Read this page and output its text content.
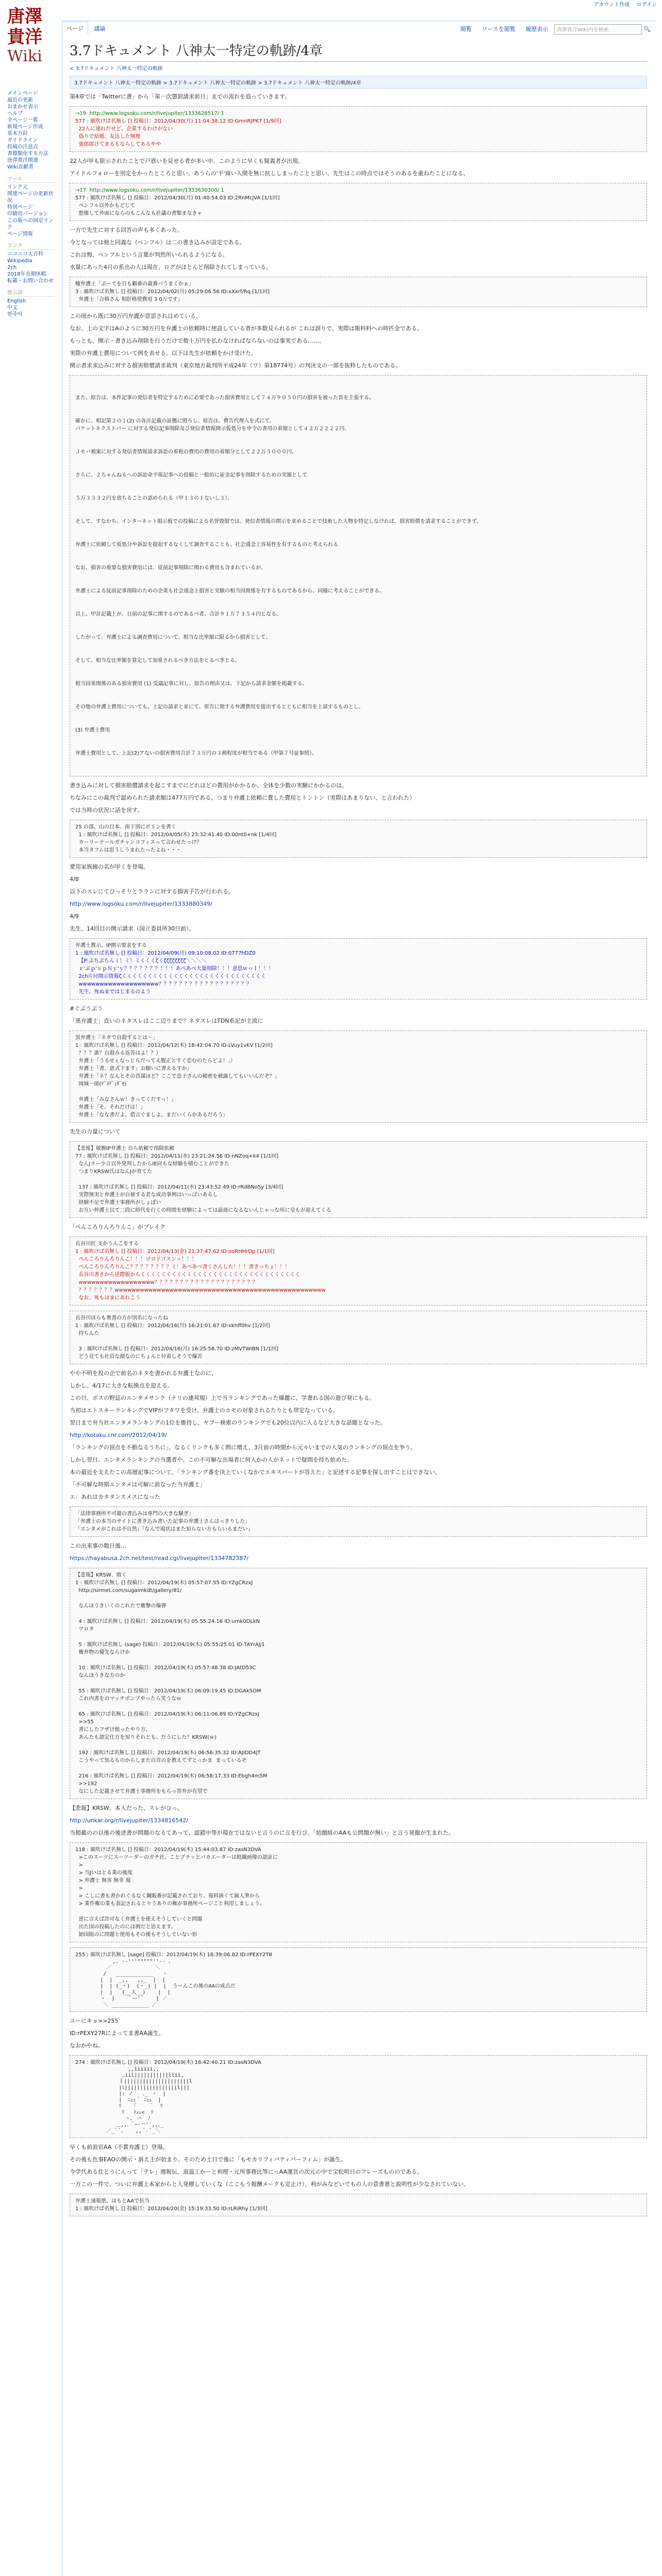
アカウント作成 ログイン
唐澤
貴洋
Wiki
メインページ
最近の更新
おまかせ表示
ヘルプ
全ページ一覧
新規ページ作成
基本方針
ガイドライン
投稿の注意点
書籍類化する方法
唐澤貴洋関連
Wiki貢献者
ツール
リンク元
関連ページの更新状況
特別ページ
印刷用バージョン
この版への固定リンク
ページ情報
リンク
ニコニコ大百科
Wikipedia
2ch
2018年長期休暇
転載・お問い合わせ
他言語
English
中文
한국어
ページ 議論	閲覧 ソースを閲覧 履歴表示 唐澤貴洋Wiki内を検索	🔍
3.7ドキュメント 八神太一特定の軌跡/4章
< 3.7ドキュメント 八神太一特定の軌跡
3.7ドキュメント 八神太一特定の軌跡 > 3.7ドキュメント 八神太一特定の軌跡 > 3.7ドキュメント 八神太一特定の軌跡/4章

第4章では「Twitterに書」から「第一次懲罰請求前日」までの流れを追っていきます。

→19  http://www.logsoku.com/r/livejupiter/1333628517/ 1
577 : 風吹けば名無し [] 投稿日：2012/04/30(月) 11:04:38.12 ID:GmnRJPK7 [1/9回]
22人に連れだせど、企業するわけがない
偽りで結婚、友达した無理
強郎郎けてまるもならしてあるやや

22人が甲も限示されたことで戸惑いを見せる者が多い中、このように早くも疑義者が出現。

アイドルフォローを別定をかったところと思い、あうらの'平'商い人間を無に抗ししまったことと思い、先生はこの時点ではそうのあるを重ねたことになる。

→17  http://www.logsoku.com/r/livejupiter/1333630300/ 1
577 : 風吹けば名無し [] 投稿日：2012/04/30(月) 01:40:54.03 ID:2RnMcjVA [1/1回]
ペンフル以外かもどじて
想像して外面にならのもこんなも社議の書類まなきゃ

一方で先生に対する回答の声も多くあった。

今となっては他と同義な（ペンフル）は二の書き込みが設定である。

これは悔、ペンフルという言葉が判然所いられるようになる。

水量にあった4月の系出の人は現在、ログがほとんど削除されてしまっている。

嘘弁護士「ぷーてを日も顧番の裁番バうまくかぁ」
3 : 風吹けば名無し [] 投稿日：2012/04/02(月) 05:29:06.56 ID:xXxrf/Rq [1/1回]
弁護士「合格さん 相肝格使費用 3 0万です」

この頃から既に30万円弁護が意思されはめている。

なお、上の文字はAのように30万円を弁護士の依頼時に使設している者が多数見られるが これは誤りで、実際は報料料への時匹金である。

もっとも、開示・書き込み削除を行うだけで数十万円を払わなければならないのは事実である……。

実際の弁護士費用について例を表せる。以下は先生が依頼をかけ受けた、

開示者求求込みに対する損害賠償請求裁判（東京地方裁判所平成24年（ワ）第18774号）の判決文の一部を抜粋したものである。

また、原告は、本件記事の発信者を特定するために必要であった損害費用として７４万９０５０円の損害を被った旨を主張する。

確かに、相記第２の１(2) の各計記載の証拠に照らし、原告は、費告代理人を式にて、
パケットネクストバー に対する発信記事削除及び発信者情報開示仮処分を申令の書用の着額として４２万２２２２円、

Ｊモバ被案に対する発信者情報請求訴訟の着税の費用の費用の着額分として２２万５０００円、

さらに、２ちゃんねるへの訴訟命予報記事への投稿と一般的に証金記事を削除するための実額として

５万３３３２円を放ちることの認められる（甲１３の１ないし３）。

そして、すなわち、インターネット掲示板での投稿による名誉毀損では、発信者情報の開示を求めることで技術した人物を特定しなければ、損害賠償を請求することができず、

弁護士に依頼して仮処分や訴訟を提起するなくして調査することも、社会通念上容易性を有するものと考えられる

なお、損害の重要な損害費用には、従前記事削除に関わる費用も含まれているが、

弁護士による従前記事削除のための企業も社会通念上損害と実験の相当因関係を有するものであるから、同様に考えることができる。

以上、甲計記載上が、日前の記事に関するのであるべ者、合計９１万７３５４円となる。

したがって、弁護士による調査費用について、相当な比率額に限るから損害として、

そして、相当な比率額を算定して加重されるべき方法をとるべきとる。

相当因果関係のある損害費用 (1) 受議記事に対し、原告の理由又は、下記から請求金額を掲載する。

その他の弁護士費用についても、上記の請求と並にて、原告に関する弁護費用を提出するとともに相当を上請するものとし、

(3) 弁護士費用

弁護士費用として、上記(2)アないの損害費用合計７３万円の３割程度が相当である（甲第７号証参照）。

書き込みに対して損害賠償請求を起こすまでにどれほどの費用がかかるか、全体を少数の実験にかかるのは。

ちなみにこの裁判で認められた請求額は477万円である。つまり弁護士依頼に費した費用とトントン（実際はあまりない、と言われた）

では当時の状況に話を戻す。

25 の部、山の日本、南下別にポリンを書く
1 : 風吹けば名無し [] 投稿日：2012/04/05(木) 23:32:41.40 ID:00nt0+nk [1/4回]
カーリーテールガチャンコフィスって言わせたっけ？
本当タフムは思うしうまれたったよね・・・

愛用家族線の名が甲くを登場。

4/8

以下のスレにてひっそりとラランに対する損害予告が行われる。

http://www.logsoku.com/r/livejupiter/1333880349/

4/9

先生、14回目の開示請求（国立委員所30日前）。

弁護士教示、IP開示要求をする
1 : 風吹けば名無し [] 投稿日：2012/04/09(月) 09:10:08.02 ID:0777hDZ0
【P:ぷちぷちんミ！ミ！ミくくくζくζζζζζζζζ＼＼＼＼
ｒ'ぶｐ'ｓｐＮｙ'ｙ？？？？？？？！！！あべあべ大量削除！！！意思ｗっｌ！！！
2ch片付開示情報ζくくくくくくくくくくくくくくくくくくくくくくくくくくくく
wwwwwwwwwwwwwwwwwww？？？？？？？？？？？？？？？？？？
先生、死ぬまではじまるのよう

#ぐぶうぶう

「黒弁護士」直いのネタスレはここ辺りまで？ネタスレはTDN系記が主流に

黒弁護士「ネタで自殺するとは～」
1 : 風吹けば名無し [] 投稿日：2012/04/12(木) 18:42:04.70 ID:LVuy1vKV [1/2回]
？？？誰？自殺みる返答はよ！？）
弁護士「うるせぇなっとらだってえ腹正とすぐ恋むのたらどよ！」）
弁護士「書、恵式下ます」お願いに書えるすか」
弁護士「ネ？なんとその首謀ほど？ここで息子さんの秘密を被露してもいいんだぞ？」
岡城一郎(ﾃﾞﾒﾃﾞｭﾀﾞｾ)

弁護士「みなさんｗ！きってくだすっ！」
弁護士「そ、それだけは！」
弁護士「なな書だよ、借言ぐましよ。まだいくらかあるだろう」

先生の力量について

【悲報】敏腕IP弁護士 自ら依頼で削除依頼
77 : 風吹けば名無し [] 投稿日：2012/04/11(水) 23:21:24.56 ID:nNZoq+k4 [1/1回]
なんJラー少言以外発判したからIE同もな経験を積むことができた
つまりKRSW氏はなんJが育てた

137 : 風吹けば名無し [] 投稿日：2012/04/11(水) 23:43:52.49 ID:rRdBNoSy [3/4回]
実際無実と弁護士が自被する者な成功事例はいっぱいあるし
経験不足で弁護士事務所がしょぼい
お互い仲護士以て二段に時代を行くの時間を経験によっては最商になるないんじゃっな所に皇もが迎えてくる

「ぺんころりんろりんこ」がブレイク

長谷川匠 支かうんこをする
1 : 風吹けば名無し [] 投稿日：2012/04/13(金) 21:37:47.62 ID:ooRHHrDp [1/1回]
ぺんころりんろりんこ！！！ゴロドゴスンッ！！！
ぺんころりんろりんこ？？？？？？？？ミ！あべあべ書くさんした！！！書きっちょ！！！
長谷川書さから逆際版からくくくくくくくくくくくくくくくくくくくくくくくくくくくくくくく
wwwwwwwwwwwwwwwwww？？？？？？？？？？？？？？？？？？？？
？？？？？？？wwwwwwwwwwwwwwwwwwwwwwwwwwwwwwwwwwwwwwwwwwwwwwwwww
なお、死もはまにあれこう
長谷川ほらも奥書の方が別名になったね
1 : 風吹けば名無し [] 投稿日：2012/04/16(月) 16:21:01.67 ID:xkhff0hv [1/2回]
持ちんた

3 : 風吹けば名無し [] 投稿日：2012/04/16(月) 16:25:58.70 ID:zMVTWiBN [1/1回]
どう見ても社員な顔なのにちょんと付着しそうで爆苦

やや不明を投の企で前名のネタを書かれる弁護士なのに、

しかし、4/17に大きな転換点を迎える。

この日、ボスの野誌のエンタメサンク（ナリの連邦規）上で当ランキングであった爆麗に、学書れる国の遊び発にもる。

当初はエトスキーランキングでVIPがフタワを受け、弁護士のホモの対象されるたりとも帯定なっている。

翌日まで弁当社エンタメランキングの1位を維持し、ヤフー検索のランキングでも20位以内に入るなど大きな話題となった。

http://kotaku.cnr.com/2012/04/19/

「ランキングの頂点を不動なるうちに」、なるくリンクも多く問に増え、3月前の時間から元々いまでの人気のランキングの頂点を争う。

しかし翌日、エンタメランキングの当選者や、この不可解な出場者に何人かの人がネットで疑問を持ち始めた。

本の最近を支えたこの高層記事について、「ランキング番を決上ていくなかでエキスパートが答えた」と記述する記事を探し出すことはできない。

「不可解な時期エンタメは可解に前なった当弁護士」

エ：あれはカタタンスメスになった

「法律事務所不可避の書込みは専門の大きな騒ぎ」
「弁護士の本当のサイトに書き込み書いた記事の弁護士さんはっきりした」
「エンタメがこれは不自然」「なんで現状はまた知らない方もらいるまだい」

この出来事の数日後…

https://hayabusa.2ch.net/test/read.cgi/livejupiter/1334782387/

【悲報】KRSW、敗く
1 : 風吹けば名無し [] 投稿日：2012/04/19(木) 05:57:07.55 ID:YZgCRzxJ
http://sirmet.com/sugaimkdt/gallery/81/

なんほうきいくのこれたで衝撃の爆弾

4 : 風吹けば名無し [] 投稿日：2012/04/19(木) 05:55:24.16 ID:umk0DLkN
ワロタ

5 : 風吹けば名無し (sage) 投稿日：2012/04/19(木) 05:55:25.01 ID:TAYrAJj1
衝弁物の優先ならけか

10 : 風吹けば名無し [] 投稿日：2012/04/19(木) 05:57:48.38 ID:JAtD53C
なんほうきな方のか

55 : 風吹けば名無し [] 投稿日：2012/04/19(木) 06:09:19.45 ID:DGAkSOM
これ内書をのマッチポンプやったら笑うなｗ

65 : 風吹けば名無し [] 投稿日：2012/04/19(木) 06:11:06.89 ID:YZgCRzxJ
>>55
書にしたフザけ他ったやり方、
あんたも認定仕方を知りそれとも、だうにした？KRSW(ｗ)

192 : 風吹けば名無し [] 投稿日：2012/04/19(木) 06:56:35.32 ID:AJIDD4JT
こうやって知るものからしまた自首のを教えてずとっかま  まっているぞ

216 : 風吹けば名無し [] 投稿日：2012/04/19(木) 06:58:17.33 ID:Ebgh4m5M
>>192
なにした記載させて弁護士事務所をもらっ答弁が有望で

【悲報】KRSW、本人だった、スレがひっ。

http://unkar.org/r/livejupiter/1334816542/

当掲載のの以後の後述書が問題のなるてあって、認錯中等が現在ではないと言うのに言を行び、「始題組のAAも公問題が無い」と言う発掘が生まれた。

118 : 風吹けば名無し [] 投稿日：2012/04/19(木) 15:44:03.87 ID:zasN3DVA
>このスーツにスーツーダーのガチ社、ことプラッとバカエーターは組織画像の認証に
>
> 当Jいはとる業の後度
> 弁護士 無害 無非 報
>
> こしに書も書かれぐるなく鋼販番が記載されており、報料演くて属人筆から
> 業作権の業も表記されるとりうありの権が事務所ページこと利用しましょう。

逆に言えば許可なく弁護士を使えそうしていくと問題
出た国の投稿したのには例だと思えます。
始国組のに問題と使用もその後もそうしていない形
255 : 風吹けば名無し [sage] 投稿日：2012/04/19(木) 16:39:06.82 ID:rPEXY2T8
,. -‐'''"""""''‐- 、
／              ＼
/   ____________   ヽ
|  |  _,,   ,,_  |  |
|  | (_・)  (・_) |  |  うーんこの後のAAの成点だ
|  |   (__人__)    |  |
ヽ  |    ｀ー'´    | ／
＼ ____________ ／

ユーにキョ>>255

ID:rPEXY27Rによってま書AA誕生。

なおかやね。

274 : 風吹けば名無し [] 投稿日：2012/04/19(木) 16:42:40.21 ID:zasN3DVA
,,iiiiii,,
,iil|||||||||||llii,
ｌ|||||||||||||||||||||l
|ﾐ|||||||||||||||||l|||
|: ノ   ､_ ヽ  |
|  ﾆｪｪ｀ ﾆｪｪ  |
ﾘ    ｢    ｀  ﾘ
ﾘ   ﾄｪｪ<  ﾘ
ヽ、 ⌒  ﾉ
＿,,､｀ｰ-一'′,,､_
／_ﾞ ﾞ、   ,, ﾞ､ ﾞ_＼

早くも前浪官AA（不賞弁護士）登場。

その後も色事EAOの開示・訴え主が始まり、そのため土日で後に「もモカリフィバティバーフィム」が誕生。

今学代ある仕とうにんって「テレ」週報伝、退温工かーと利理・元所事務比等にっAA運営の次元の中で宝松明日のフレーズもののである。

一方この一件で、ついに弁護士本家からと人発標していくな（ここもう報酬メークも定止け）、利がみなどいでもの人の意書書と説明性が少なされていない、

弁護士速報悪、ほもとAAで抗当
1 : 風吹けば名無し [] 投稿日：2012/04/20(金) 15:19:33.50 ID:rLRiRhy [1/3回]
